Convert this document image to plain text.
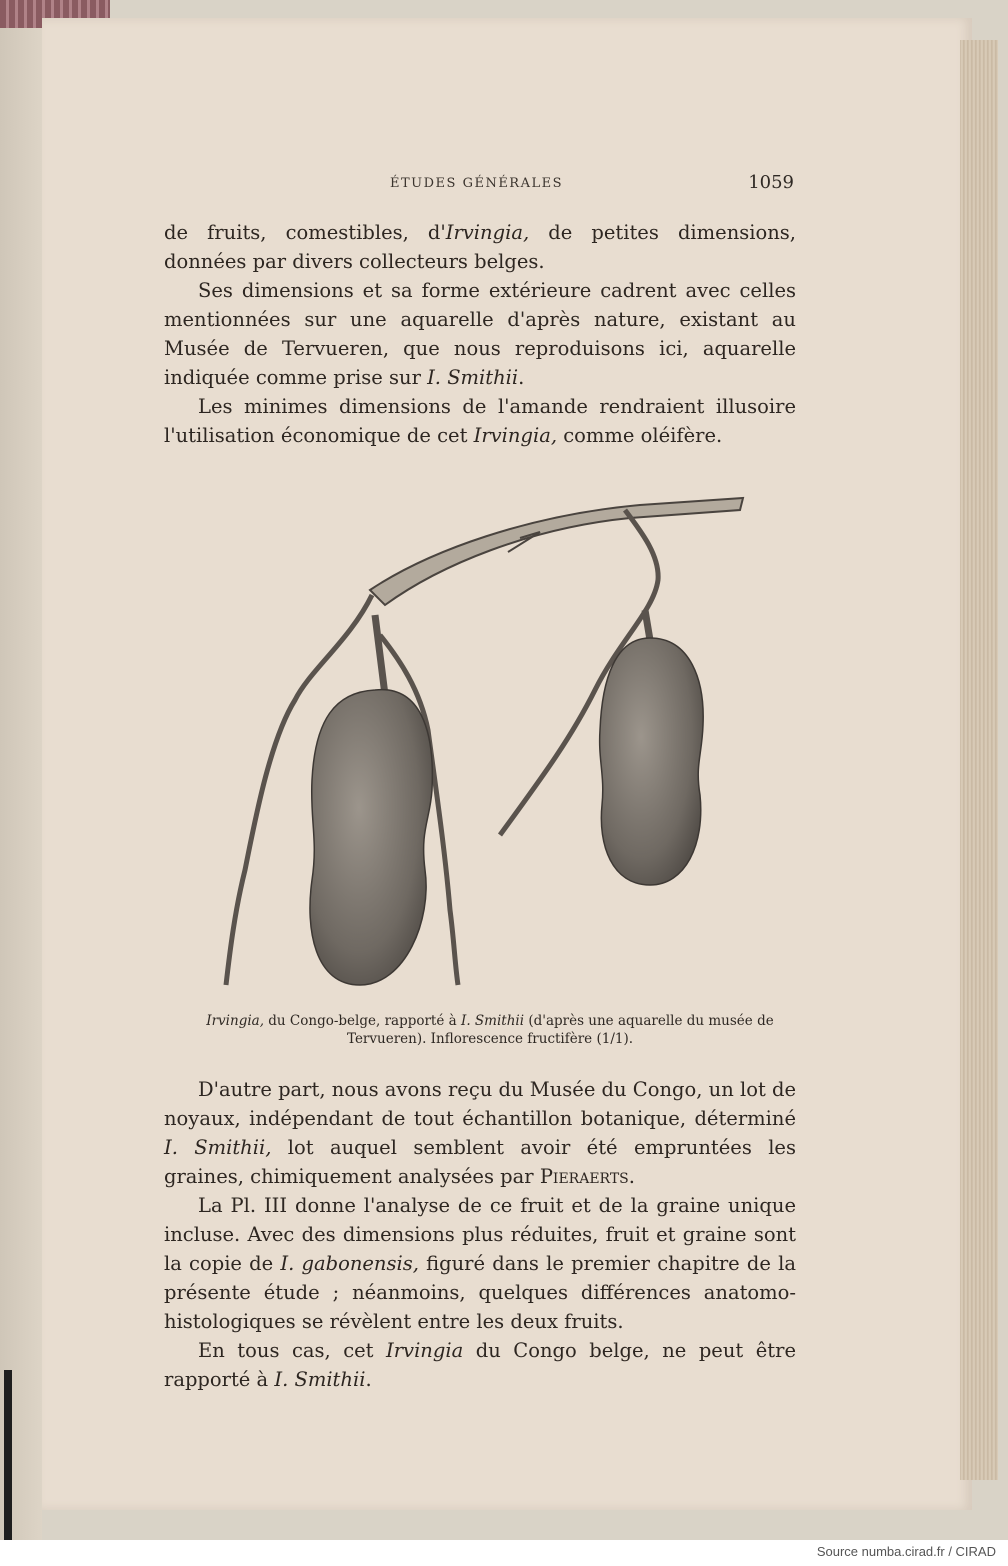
ÉTUDES GÉNÉRALES	1059

de fruits, comestibles, d'Irvingia, de petites dimensions, données par divers collecteurs belges.

Ses dimensions et sa forme extérieure cadrent avec celles mentionnées sur une aquarelle d'après nature, existant au Musée de Tervueren, que nous reproduisons ici, aquarelle indiquée comme prise sur I. Smithii.

Les minimes dimensions de l'amande rendraient illusoire l'utilisation économique de cet Irvingia, comme oléifère.

Irvingia, du Congo-belge, rapporté à I. Smithii (d'après une aquarelle du musée de Tervueren). Inflorescence fructifère (1/1).

D'autre part, nous avons reçu du Musée du Congo, un lot de noyaux, indépendant de tout échantillon botanique, déterminé I. Smithii, lot auquel semblent avoir été empruntées les graines, chimiquement analysées par Pieraerts.

La Pl. III donne l'analyse de ce fruit et de la graine unique incluse. Avec des dimensions plus réduites, fruit et graine sont la copie de I. gabonensis, figuré dans le premier chapitre de la présente étude ; néanmoins, quelques différences anatomo-histologiques se révèlent entre les deux fruits.

En tous cas, cet Irvingia du Congo belge, ne peut être rapporté à I. Smithii.

Source numba.cirad.fr / CIRAD
